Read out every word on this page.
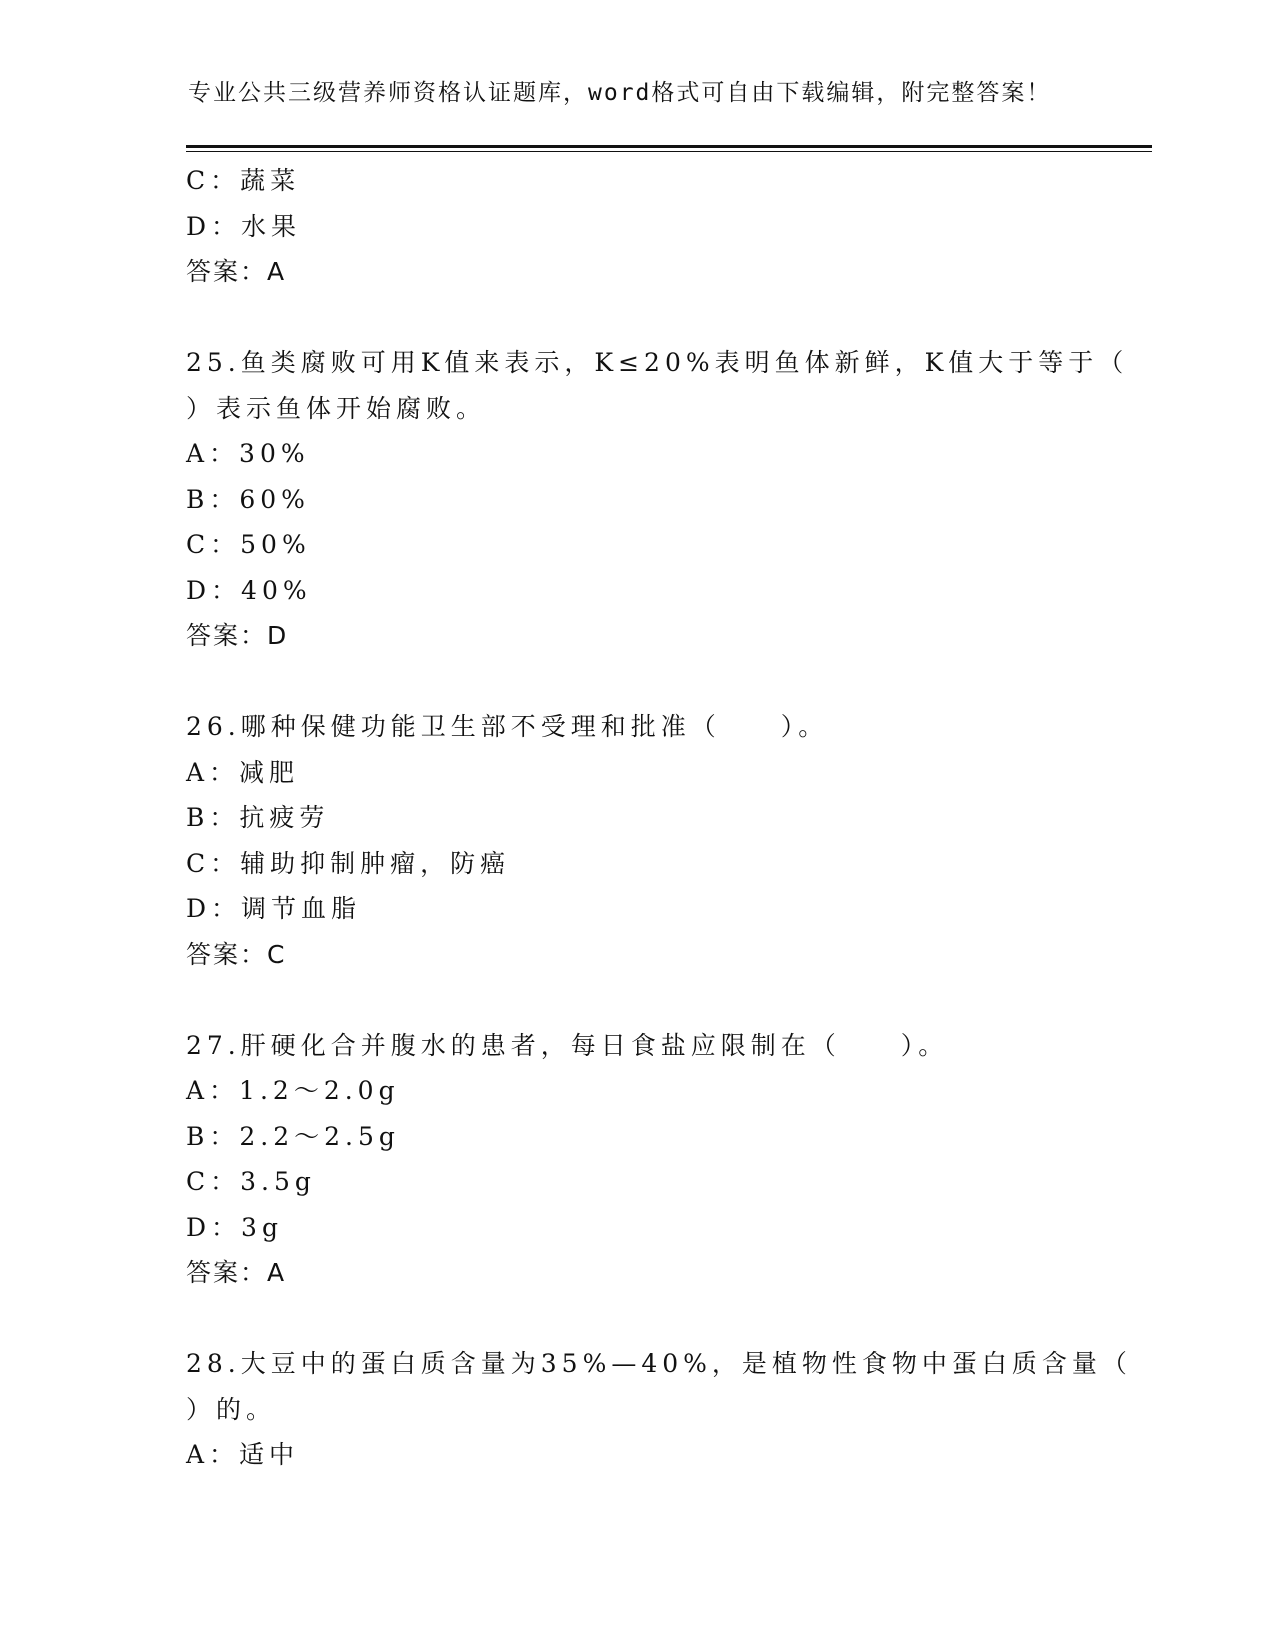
专业公共三级营养师资格认证题库，word格式可自由下载编辑，附完整答案！
C：蔬菜
D：水果
答案：A
25.鱼类腐败可用K值来表示，K≤20%表明鱼体新鲜，K值大于等于（
）表示鱼体开始腐败。
A：30%
B：60%
C：50%
D：40%
答案：D
26.哪种保健功能卫生部不受理和批准（　　）。
A：减肥
B：抗疲劳
C：辅助抑制肿瘤，防癌
D：调节血脂
答案：C
27.肝硬化合并腹水的患者，每日食盐应限制在（　　）。
A：1.2～2.0g
B：2.2～2.5g
C：3.5g
D：3g
答案：A
28.大豆中的蛋白质含量为35%—40%，是植物性食物中蛋白质含量（
）的。
A：适中
